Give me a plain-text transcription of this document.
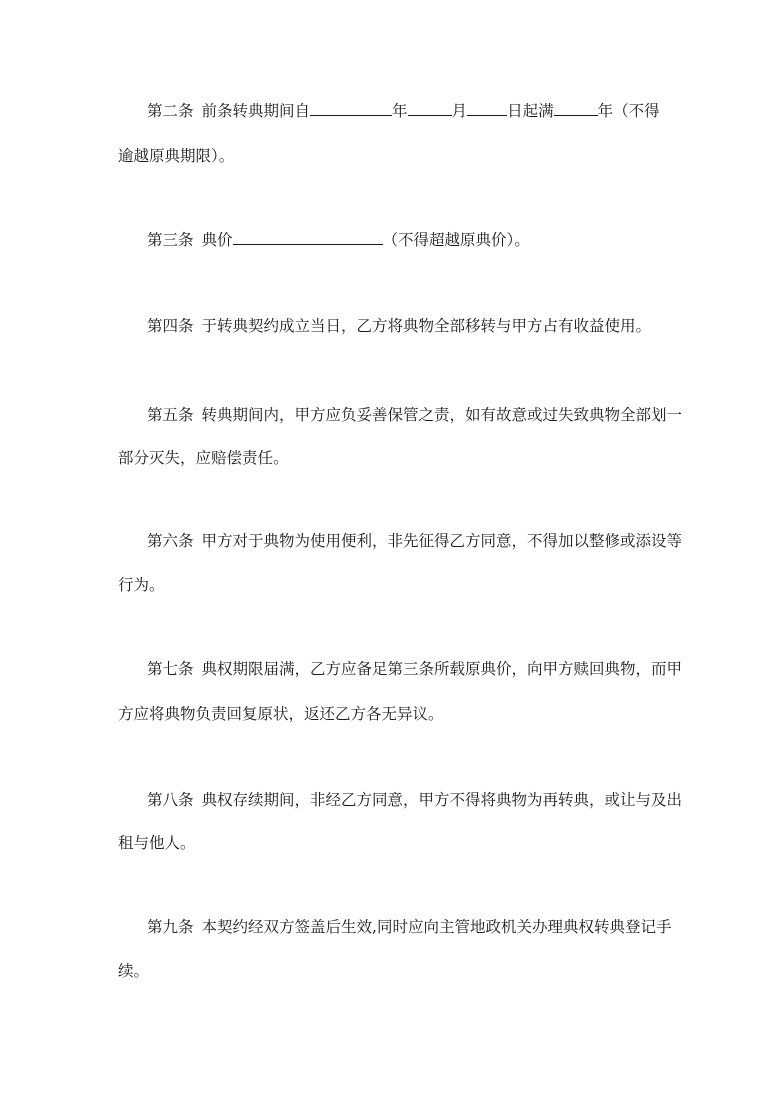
第二条 前条转典期间自	年	月	日起满	年（不得
逾越原典期限）。
第三条 典价	（不得超越原典价）。
第四条 于转典契约成立当日，乙方将典物全部移转与甲方占有收益使用。
第五条 转典期间内，甲方应负妥善保管之责，如有故意或过失致典物全部划一
部分灭失，应赔偿责任。
第六条 甲方对于典物为使用便利，非先征得乙方同意，不得加以整修或添设等
行为。
第七条 典权期限届满，乙方应备足第三条所载原典价，向甲方赎回典物，而甲
方应将典物负责回复原状，返还乙方各无异议。
第八条 典权存续期间，非经乙方同意，甲方不得将典物为再转典，或让与及出
租与他人。
第九条 本契约经双方签盖后生效,同时应向主管地政机关办理典权转典登记手
续。
